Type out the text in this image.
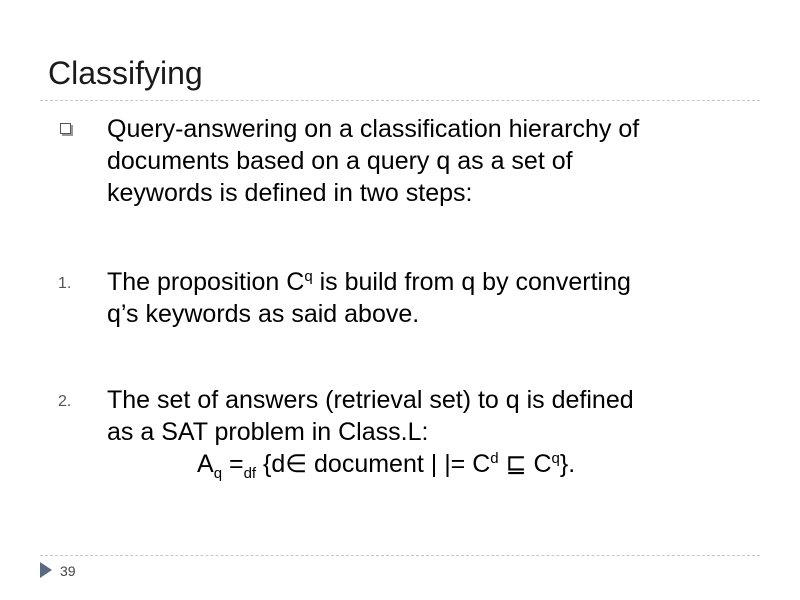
Classifying
Query-answering on a classification hierarchy of
documents based on a query q as a set of
keywords is defined in two steps:
1. The proposition $C^q$ is build from q by converting
q’s keywords as said above.
2. The set of answers (retrieval set) to q is defined
as a SAT problem in Class.L:
$A_q =_{df}$ {d∈ document | |= $C^d$ ⊑ $C^q$}.
39
